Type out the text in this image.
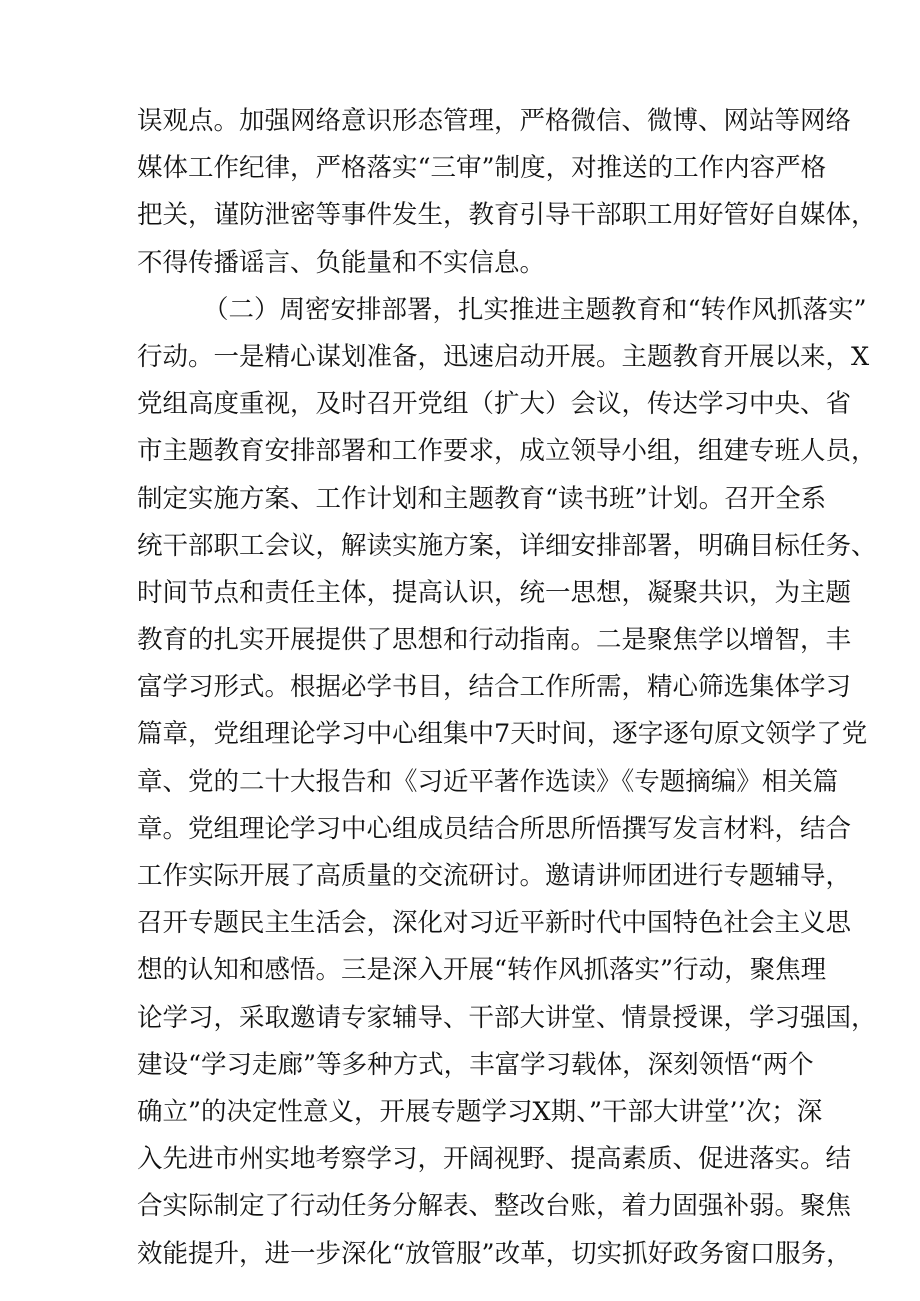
误观点。加强网络意识形态管理，严格微信、微博、网站等网络
媒体工作纪律，严格落实“三审”制度，对推送的工作内容严格
把关，谨防泄密等事件发生，教育引导干部职工用好管好自媒体，
不得传播谣言、负能量和不实信息。
（二）周密安排部署，扎实推进主题教育和“转作风抓落实”
行动。一是精心谋划准备，迅速启动开展。主题教育开展以来，X
党组高度重视，及时召开党组（扩大）会议，传达学习中央、省
市主题教育安排部署和工作要求，成立领导小组，组建专班人员，
制定实施方案、工作计划和主题教育“读书班”计划。召开全系
统干部职工会议，解读实施方案，详细安排部署，明确目标任务、
时间节点和责任主体，提高认识，统一思想，凝聚共识，为主题
教育的扎实开展提供了思想和行动指南。二是聚焦学以增智，丰
富学习形式。根据必学书目，结合工作所需，精心筛选集体学习
篇章，党组理论学习中心组集中7天时间，逐字逐句原文领学了党
章、党的二十大报告和《习近平著作选读》《专题摘编》相关篇
章。党组理论学习中心组成员结合所思所悟撰写发言材料，结合
工作实际开展了高质量的交流研讨。邀请讲师团进行专题辅导，
召开专题民主生活会，深化对习近平新时代中国特色社会主义思
想的认知和感悟。三是深入开展“转作风抓落实”行动，聚焦理
论学习，采取邀请专家辅导、干部大讲堂、情景授课，学习强国，
建设“学习走廊”等多种方式，丰富学习载体，深刻领悟“两个
确立”的决定性意义，开展专题学习X期、”干部大讲堂’’次；深
入先进市州实地考察学习，开阔视野、提高素质、促进落实。结
合实际制定了行动任务分解表、整改台账，着力固强补弱。聚焦
效能提升，进一步深化“放管服”改革，切实抓好政务窗口服务，
